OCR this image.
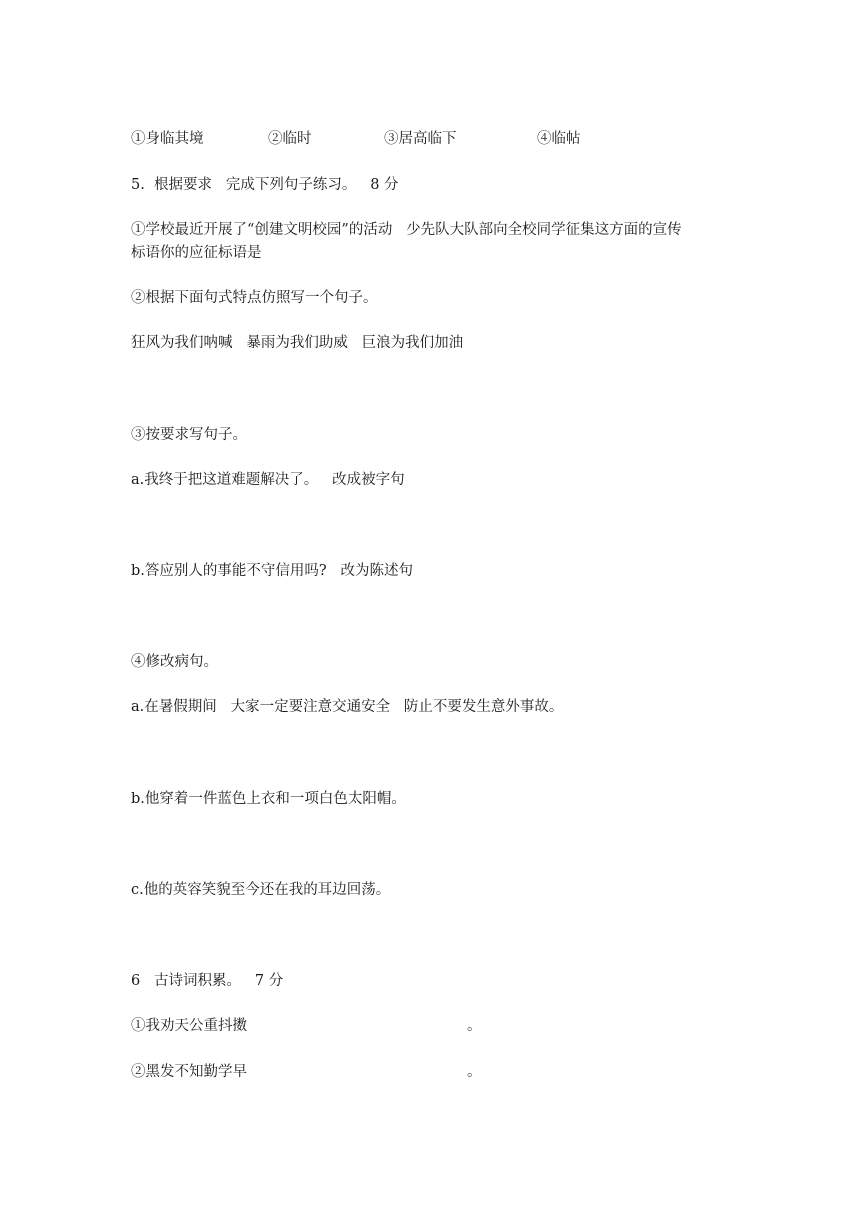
①身临其境	②临时	③居高临下	④临帖
5.  根据要求   完成下列句子练习。   8 分
①学校最近开展了“创建文明校园”的活动   少先队大队部向全校同学征集这方面的宣传
标语你的应征标语是
②根据下面句式特点仿照写一个句子。
狂风为我们呐喊   暴雨为我们助威   巨浪为我们加油
③按要求写句子。
a.我终于把这道难题解决了。   改成被字句
b.答应别人的事能不守信用吗?   改为陈述句
④修改病句。
a.在暑假期间   大家一定要注意交通安全   防止不要发生意外事故。
b.他穿着一件蓝色上衣和一项白色太阳帽。
c.他的英容笑貌至今还在我的耳边回荡。
6   古诗词积累。   7 分
①我劝天公重抖擞	。
②黑发不知勤学早	。
